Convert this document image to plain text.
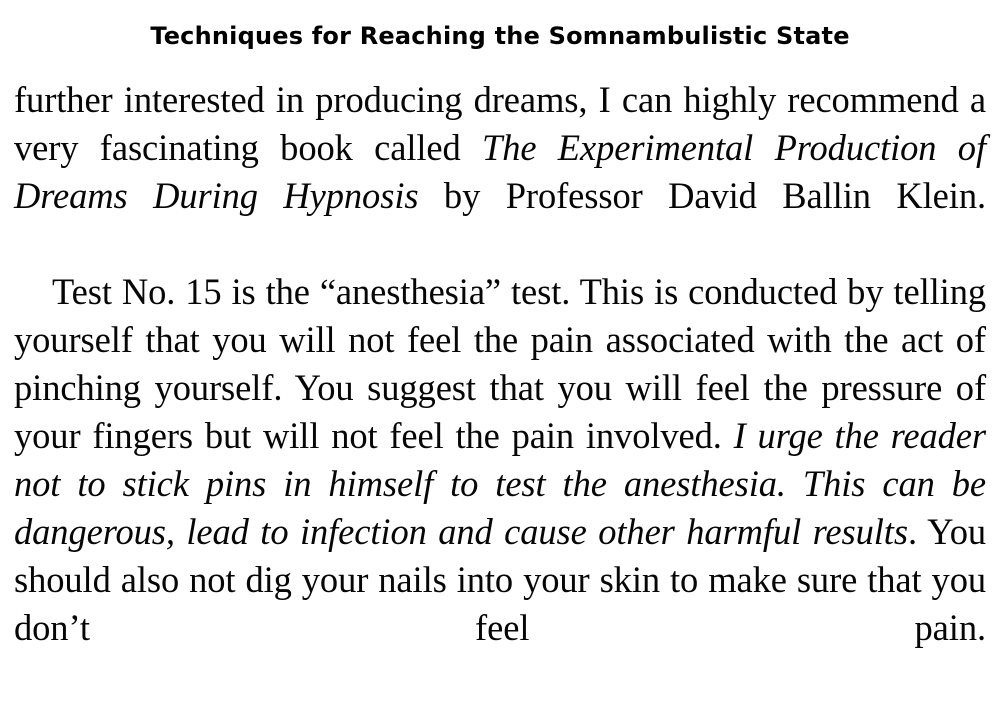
Techniques for Reaching the Somnambulistic State

further interested in producing dreams, I can highly recommend a very fascinating book called The Experimental Production of Dreams During Hypnosis by Professor David Ballin Klein.

Test No. 15 is the “anesthesia” test. This is conducted by telling yourself that you will not feel the pain associated with the act of pinching yourself. You suggest that you will feel the pressure of your fingers but will not feel the pain involved. I urge the reader not to stick pins in himself to test the anesthesia. This can be dangerous, lead to infection and cause other harmful results. You should also not dig your nails into your skin to make sure that you don’t feel pain.
